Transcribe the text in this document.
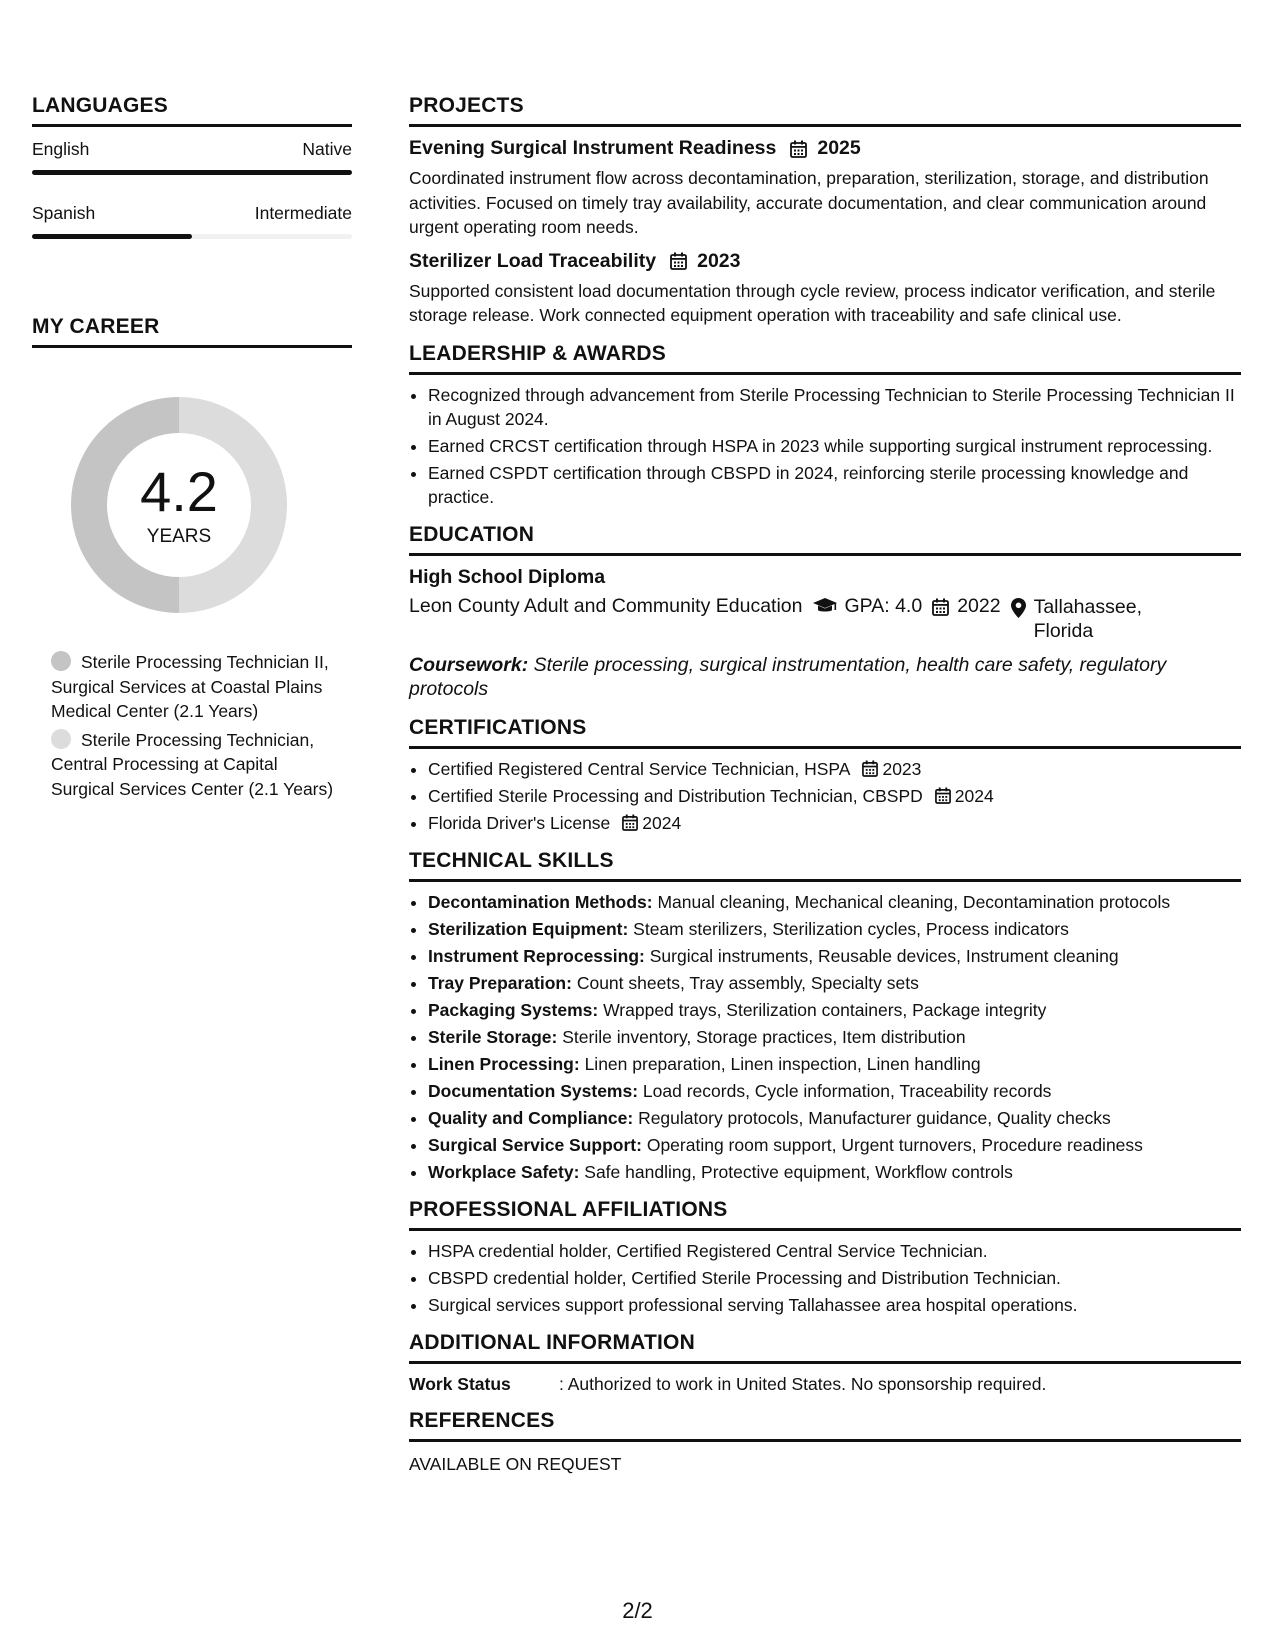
LANGUAGES
English	Native
Spanish	Intermediate
MY CAREER
4.2
YEARS
Sterile Processing Technician II, Surgical Services at Coastal Plains Medical Center (2.1 Years)
Sterile Processing Technician, Central Processing at Capital Surgical Services Center (2.1 Years)
PROJECTS
Evening Surgical Instrument Readiness 2025
Coordinated instrument flow across decontamination, preparation, sterilization, storage, and distribution activities. Focused on timely tray availability, accurate documentation, and clear communication around urgent operating room needs.
Sterilizer Load Traceability 2023
Supported consistent load documentation through cycle review, process indicator verification, and sterile storage release. Work connected equipment operation with traceability and safe clinical use.
LEADERSHIP & AWARDS
• Recognized through advancement from Sterile Processing Technician to Sterile Processing Technician II in August 2024.
• Earned CRCST certification through HSPA in 2023 while supporting surgical instrument reprocessing.
• Earned CSPDT certification through CBSPD in 2024, reinforcing sterile processing knowledge and practice.
EDUCATION
High School Diploma
Leon County Adult and Community Education GPA: 4.0 2022 Tallahassee, Florida
Coursework: Sterile processing, surgical instrumentation, health care safety, regulatory protocols
CERTIFICATIONS
• Certified Registered Central Service Technician, HSPA 2023
• Certified Sterile Processing and Distribution Technician, CBSPD 2024
• Florida Driver's License 2024
TECHNICAL SKILLS
• Decontamination Methods: Manual cleaning, Mechanical cleaning, Decontamination protocols
• Sterilization Equipment: Steam sterilizers, Sterilization cycles, Process indicators
• Instrument Reprocessing: Surgical instruments, Reusable devices, Instrument cleaning
• Tray Preparation: Count sheets, Tray assembly, Specialty sets
• Packaging Systems: Wrapped trays, Sterilization containers, Package integrity
• Sterile Storage: Sterile inventory, Storage practices, Item distribution
• Linen Processing: Linen preparation, Linen inspection, Linen handling
• Documentation Systems: Load records, Cycle information, Traceability records
• Quality and Compliance: Regulatory protocols, Manufacturer guidance, Quality checks
• Surgical Service Support: Operating room support, Urgent turnovers, Procedure readiness
• Workplace Safety: Safe handling, Protective equipment, Workflow controls
PROFESSIONAL AFFILIATIONS
• HSPA credential holder, Certified Registered Central Service Technician.
• CBSPD credential holder, Certified Sterile Processing and Distribution Technician.
• Surgical services support professional serving Tallahassee area hospital operations.
ADDITIONAL INFORMATION
Work Status	: Authorized to work in United States. No sponsorship required.
REFERENCES
AVAILABLE ON REQUEST
2/2
